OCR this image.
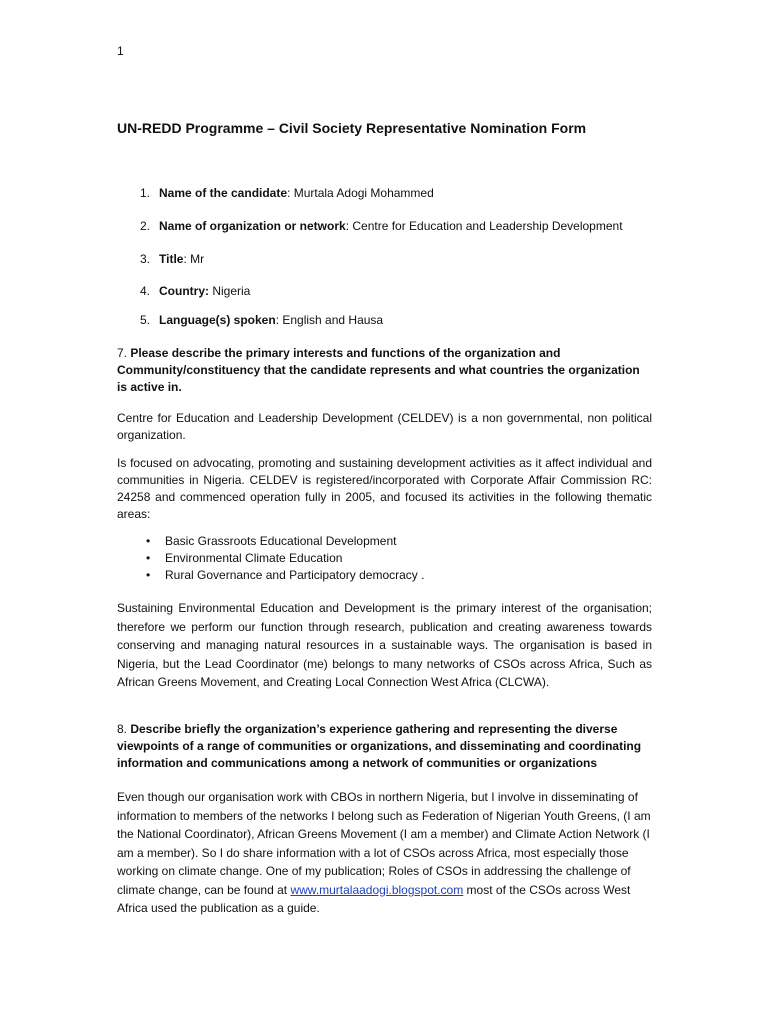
1
UN-REDD Programme – Civil Society Representative Nomination Form
1. Name of the candidate: Murtala Adogi Mohammed
2. Name of organization or network: Centre for Education and Leadership Development
3. Title: Mr
4. Country: Nigeria
5. Language(s) spoken: English and Hausa

7. Please describe the primary interests and functions of the organization and Community/constituency that the candidate represents and what countries the organization is active in.

Centre for Education and Leadership Development (CELDEV) is a non governmental, non political organization.

Is focused on advocating, promoting and sustaining development activities as it affect individual and communities in Nigeria. CELDEV is registered/incorporated with Corporate Affair Commission RC: 24258 and commenced operation fully in 2005, and focused its activities in the following thematic areas:

• Basic Grassroots Educational Development
• Environmental Climate Education
• Rural Governance and Participatory democracy .

Sustaining Environmental Education and Development is the primary interest of the organisation; therefore we perform our function through research, publication and creating awareness towards conserving and managing natural resources in a sustainable ways. The organisation is based in Nigeria, but the Lead Coordinator (me) belongs to many networks of CSOs across Africa, Such as African Greens Movement, and Creating Local Connection West Africa (CLCWA).

8. Describe briefly the organization’s experience gathering and representing the diverse viewpoints of a range of communities or organizations, and disseminating and coordinating information and communications among a network of communities or organizations

Even though our organisation work with CBOs in northern Nigeria, but I involve in disseminating of information to members of the networks I belong such as Federation of Nigerian Youth Greens, (I am the National Coordinator), African Greens Movement (I am a member) and Climate Action Network (I am a member). So I do share information with a lot of CSOs across Africa, most especially those working on climate change. One of my publication; Roles of CSOs in addressing the challenge of climate change, can be found at www.murtalaadogi.blogspot.com most of the CSOs across West Africa used the publication as a guide.
